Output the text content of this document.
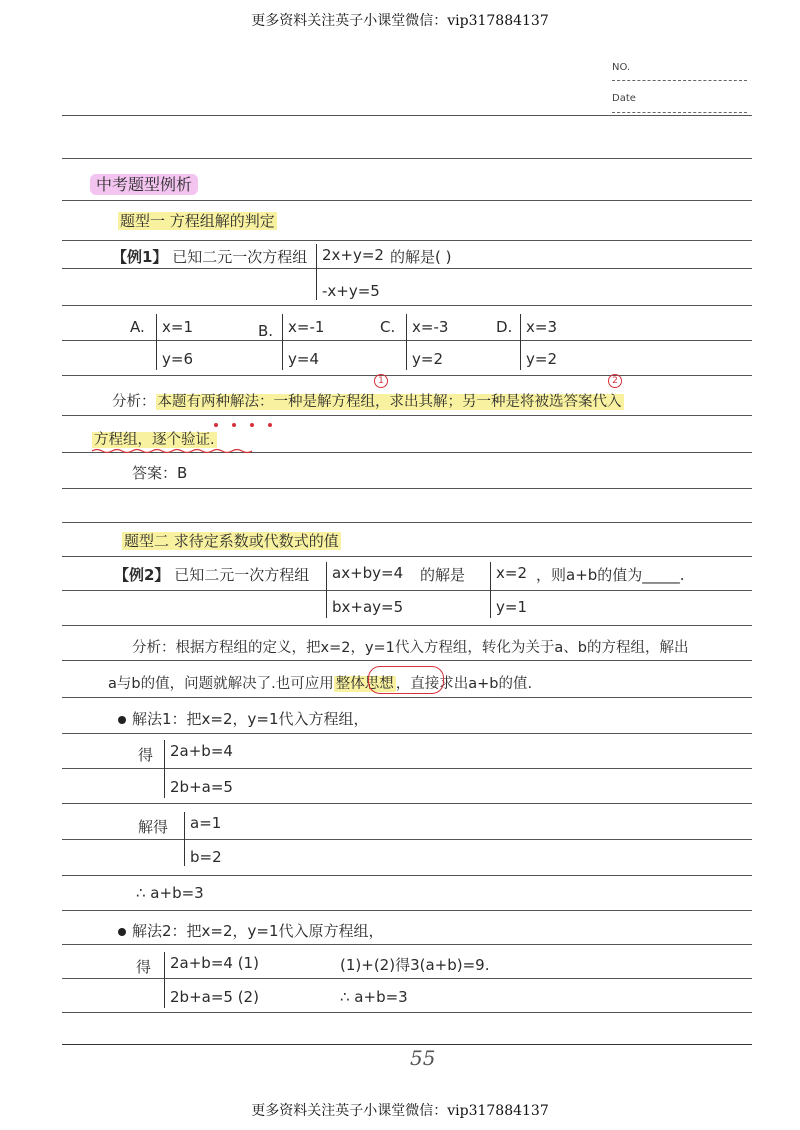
更多资料关注英子小课堂微信：vip317884137
NO.
Date
中考题型例析
题型一 方程组解的判定
【例1】 已知二元一次方程组 2x+y=2
-x+y=5
的解是( )
A. x=1
y=6
B. x=-1
y=4
C. x=-3
y=2
D. x=3
y=2
1	2
分析： 本题有两种解法：一种是解方程组，求出其解；另一种是将被选答案代入
方程组，逐个验证.
答案：B
题型二 求待定系数或代数式的值
【例2】 已知二元一次方程组 ax+by=4
bx+ay=5
的解是 x=2
y=1
，则a+b的值为_____.
分析：根据方程组的定义，把x=2，y=1代入方程组，转化为关于a、b的方程组，解出
a与b的值，问题就解决了.也可应用 整体思想 ，直接求出a+b的值.
解法1：把x=2，y=1代入方程组，
得 2a+b=4
2b+a=5
解得 a=1
b=2
∴ a+b=3
解法2：把x=2，y=1代入原方程组，
得 2a+b=4 (1)
2b+a=5 (2)
(1)+(2)得3(a+b)=9.
∴ a+b=3
55
更多资料关注英子小课堂微信：vip317884137
